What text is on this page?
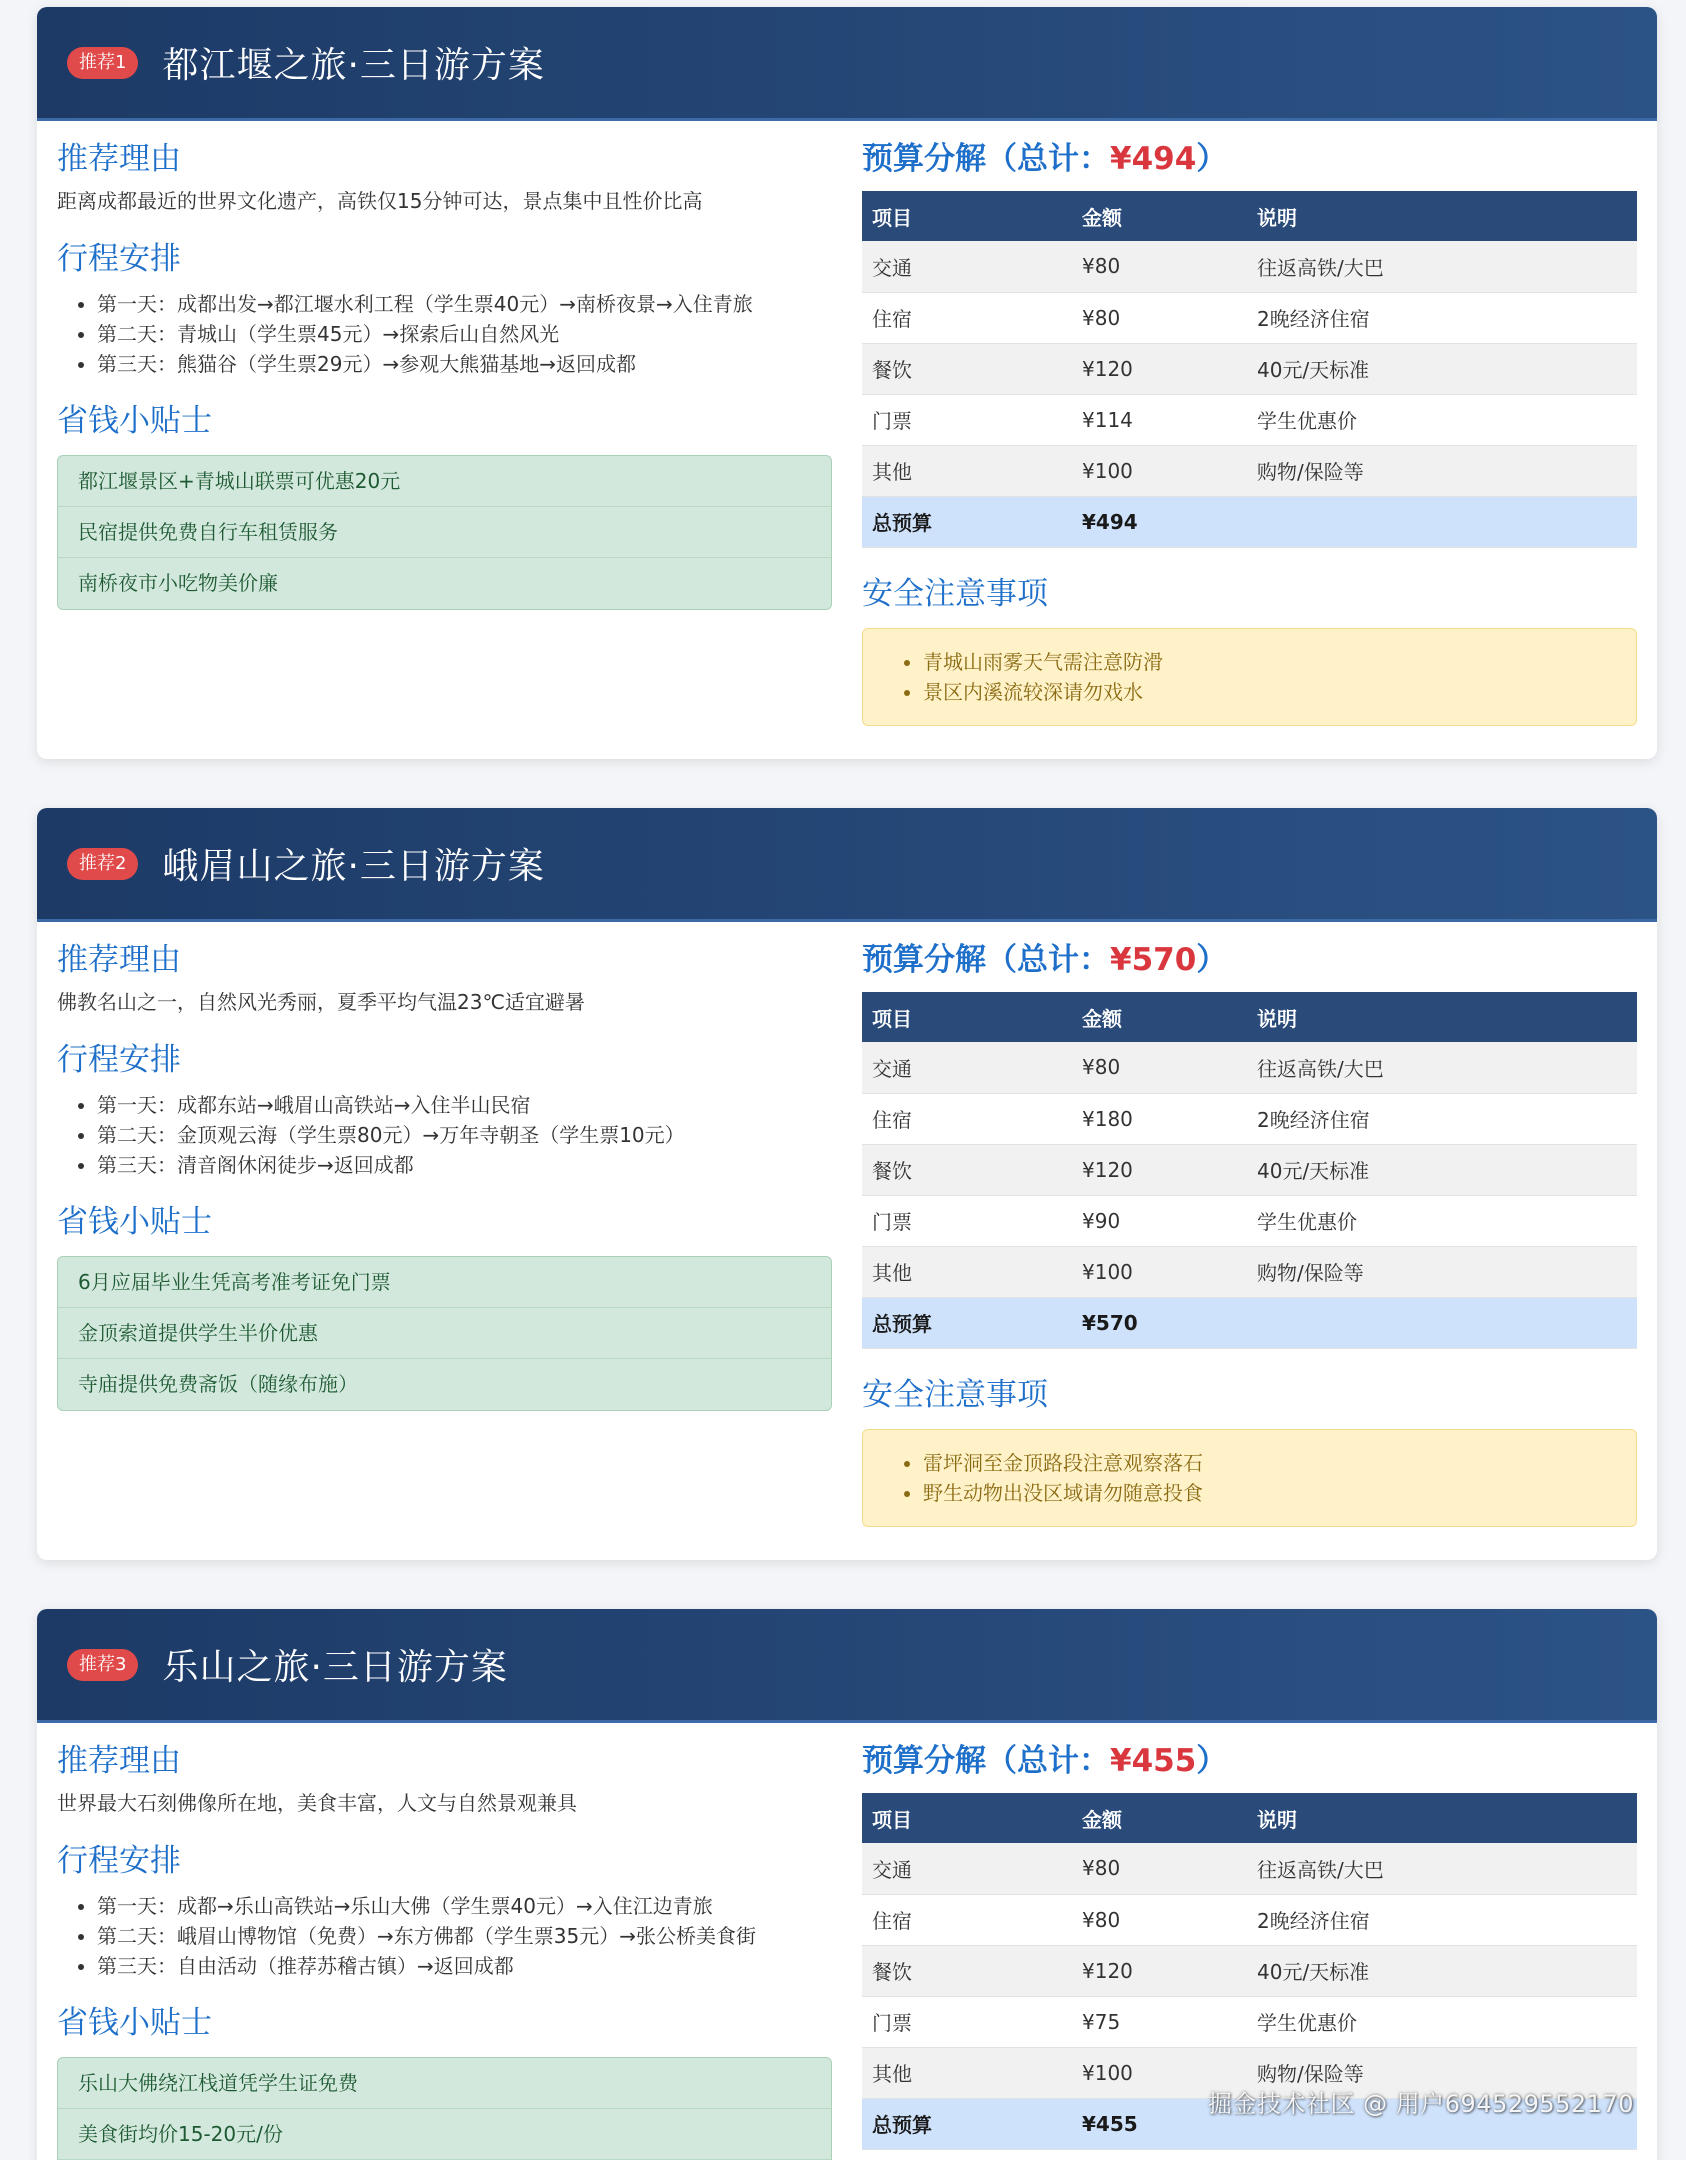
推荐1	都江堰之旅·三日游方案
推荐理由

距离成都最近的世界文化遗产，高铁仅15分钟可达，景点集中且性价比高

行程安排
• 第一天：成都出发→都江堰水利工程（学生票40元）→南桥夜景→入住青旅
• 第二天：青城山（学生票45元）→探索后山自然风光
• 第三天：熊猫谷（学生票29元）→参观大熊猫基地→返回成都
省钱小贴士
都江堰景区+青城山联票可优惠20元
民宿提供免费自行车租赁服务
南桥夜市小吃物美价廉
预算分解（总计：¥494）
项目	金额	说明
交通	¥80	往返高铁/大巴
住宿	¥80	2晚经济住宿
餐饮	¥120	40元/天标准
门票	¥114	学生优惠价
其他	¥100	购物/保险等
总预算	¥494	
安全注意事项
• 青城山雨雾天气需注意防滑
• 景区内溪流较深请勿戏水
推荐2	峨眉山之旅·三日游方案
推荐理由

佛教名山之一，自然风光秀丽，夏季平均气温23℃适宜避暑

行程安排
• 第一天：成都东站→峨眉山高铁站→入住半山民宿
• 第二天：金顶观云海（学生票80元）→万年寺朝圣（学生票10元）
• 第三天：清音阁休闲徒步→返回成都
省钱小贴士
6月应届毕业生凭高考准考证免门票
金顶索道提供学生半价优惠
寺庙提供免费斋饭（随缘布施）
预算分解（总计：¥570）
项目	金额	说明
交通	¥80	往返高铁/大巴
住宿	¥180	2晚经济住宿
餐饮	¥120	40元/天标准
门票	¥90	学生优惠价
其他	¥100	购物/保险等
总预算	¥570	
安全注意事项
• 雷坪洞至金顶路段注意观察落石
• 野生动物出没区域请勿随意投食
推荐3	乐山之旅·三日游方案
推荐理由

世界最大石刻佛像所在地，美食丰富，人文与自然景观兼具

行程安排
• 第一天：成都→乐山高铁站→乐山大佛（学生票40元）→入住江边青旅
• 第二天：峨眉山博物馆（免费）→东方佛都（学生票35元）→张公桥美食街
• 第三天：自由活动（推荐苏稽古镇）→返回成都
省钱小贴士
乐山大佛绕江栈道凭学生证免费
美食街均价15-20元/份
预算分解（总计：¥455）
项目	金额	说明
交通	¥80	往返高铁/大巴
住宿	¥80	2晚经济住宿
餐饮	¥120	40元/天标准
门票	¥75	学生优惠价
其他	¥100	购物/保险等
总预算	¥455	
掘金技术社区 @ 用户694529552170
